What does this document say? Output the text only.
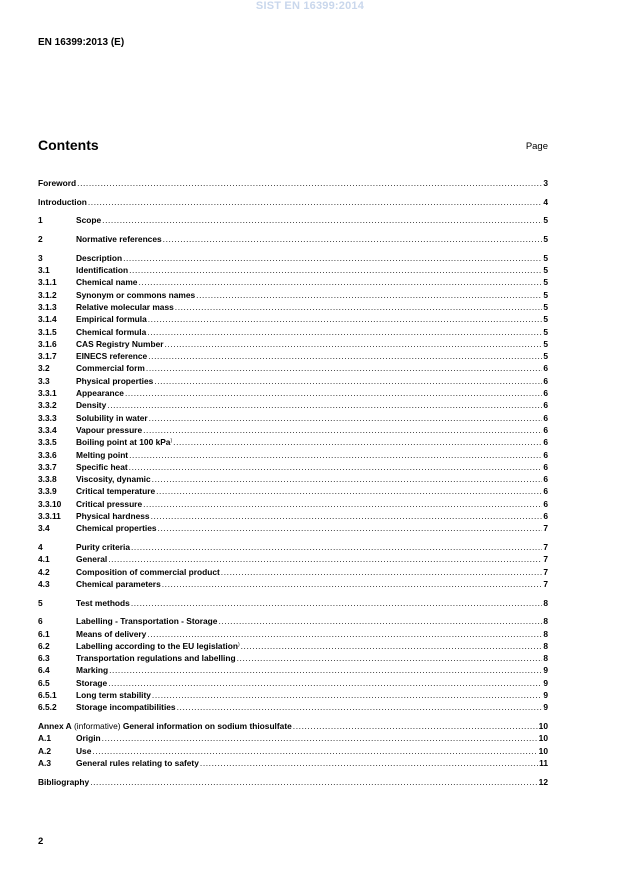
SIST EN 16399:2014
EN 16399:2013 (E)
Contents	Page
Foreword .....	3
Introduction .....	4
1	Scope .....	5
2	Normative references .....	5
3	Description .....	5
3.1	Identification .....	5
3.1.1	Chemical name .....	5
3.1.2	Synonym or commons names .....	5
3.1.3	Relative molecular mass .....	5
3.1.4	Empirical formula .....	5
3.1.5	Chemical formula .....	5
3.1.6	CAS Registry Number .....	5
3.1.7	EINECS reference .....	5
3.2	Commercial form .....	6
3.3	Physical properties .....	6
3.3.1	Appearance .....	6
3.3.2	Density .....	6
3.3.3	Solubility in water .....	6
3.3.4	Vapour pressure .....	6
3.3.5	Boiling point at 100 kPa) .....	6
3.3.6	Melting point .....	6
3.3.7	Specific heat .....	6
3.3.8	Viscosity, dynamic .....	6
3.3.9	Critical temperature .....	6
3.3.10	Critical pressure .....	6
3.3.11	Physical hardness .....	6
3.4	Chemical properties .....	7
4	Purity criteria .....	7
4.1	General .....	7
4.2	Composition of commercial product .....	7
4.3	Chemical parameters .....	7
5	Test methods .....	8
6	Labelling - Transportation - Storage .....	8
6.1	Means of delivery .....	8
6.2	Labelling according to the EU legislation) .....	8
6.3	Transportation regulations and labelling .....	8
6.4	Marking .....	9
6.5	Storage .....	9
6.5.1	Long term stability .....	9
6.5.2	Storage incompatibilities .....	9
Annex A (informative) General information on sodium thiosulfate .....	10
A.1	Origin .....	10
A.2	Use .....	10
A.3	General rules relating to safety .....	11
Bibliography .....	12
2
